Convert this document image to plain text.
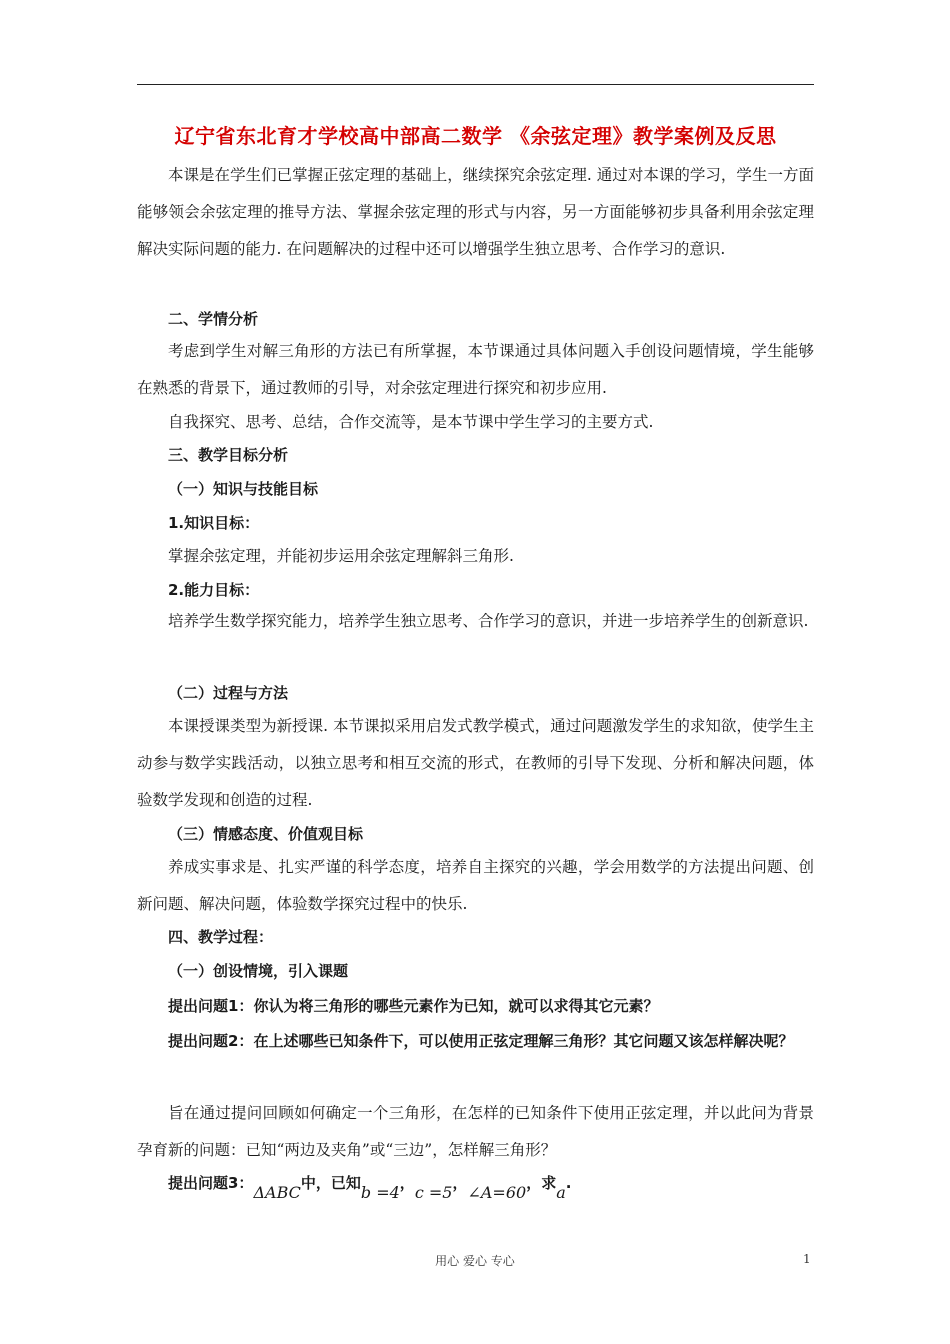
辽宁省东北育才学校高中部高二数学 《余弦定理》教学案例及反思
本课是在学生们已掌握正弦定理的基础上，继续探究余弦定理. 通过对本课的学习，学生一方面能够领会余弦定理的推导方法、掌握余弦定理的形式与内容，另一方面能够初步具备利用余弦定理解决实际问题的能力. 在问题解决的过程中还可以增强学生独立思考、合作学习的意识.
二、学情分析
考虑到学生对解三角形的方法已有所掌握，本节课通过具体问题入手创设问题情境，学生能够在熟悉的背景下，通过教师的引导，对余弦定理进行探究和初步应用.
自我探究、思考、总结，合作交流等，是本节课中学生学习的主要方式.
三、教学目标分析
（一）知识与技能目标
1.知识目标：
掌握余弦定理，并能初步运用余弦定理解斜三角形.
2.能力目标：
培养学生数学探究能力，培养学生独立思考、合作学习的意识，并进一步培养学生的创新意识.
（二）过程与方法
本课授课类型为新授课. 本节课拟采用启发式教学模式，通过问题激发学生的求知欲，使学生主动参与数学实践活动，以独立思考和相互交流的形式，在教师的引导下发现、分析和解决问题，体验数学发现和创造的过程.
（三）情感态度、价值观目标
养成实事求是、扎实严谨的科学态度，培养自主探究的兴趣，学会用数学的方法提出问题、创新问题、解决问题，体验数学探究过程中的快乐.
四、教学过程：
（一）创设情境，引入课题
提出问题1：你认为将三角形的哪些元素作为已知，就可以求得其它元素？
提出问题2：在上述哪些已知条件下，可以使用正弦定理解三角形？其它问题又该怎样解决呢？
旨在通过提问回顾如何确定一个三角形，在怎样的已知条件下使用正弦定理，并以此问为背景孕育新的问题：已知“两边及夹角”或“三边”，怎样解三角形？
提出问题3：ΔABC中，已知b =4，c =5，∠A=60，求a.
用心 爱心 专心	1
